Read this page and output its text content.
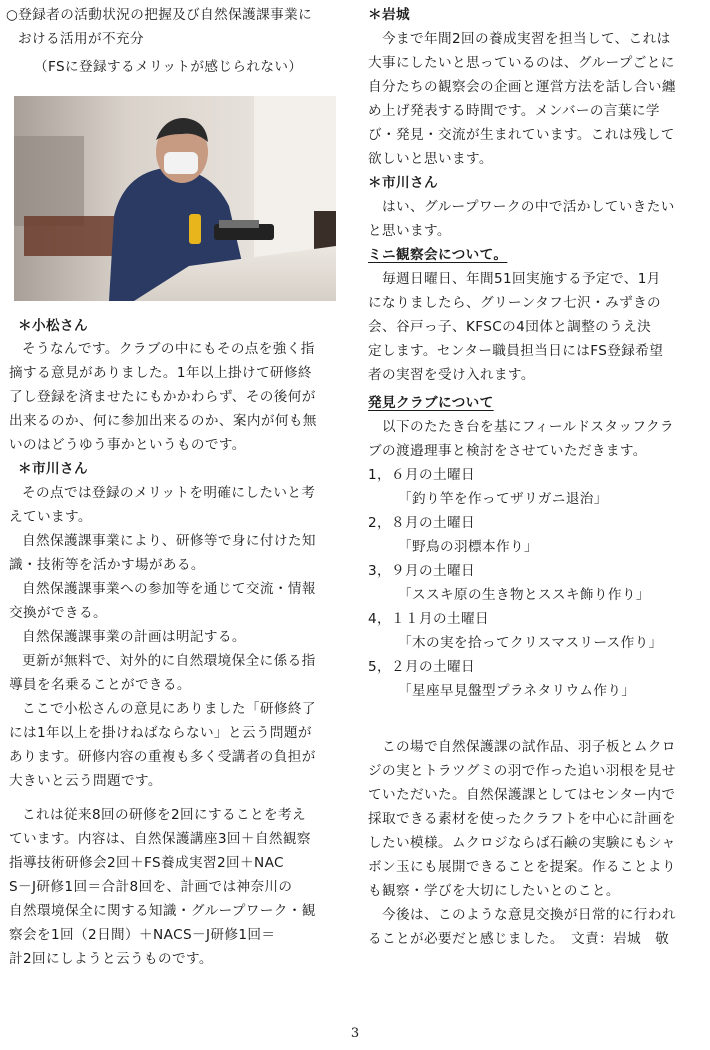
○登録者の活動状況の把握及び自然保護課事業に
おける活用が不充分
（FSに登録するメリットが感じられない）
＊小松さん
そうなんです。クラブの中にもその点を強く指
摘する意見がありました。1年以上掛けて研修終
了し登録を済ませたにもかかわらず、その後何が
出来るのか、何に参加出来るのか、案内が何も無
いのはどうゆう事かというものです。
＊市川さん
その点では登録のメリットを明確にしたいと考
えています。
自然保護課事業により、研修等で身に付けた知
識・技術等を活かす場がある。
自然保護課事業への参加等を通じて交流・情報
交換ができる。
自然保護課事業の計画は明記する。
更新が無料で、対外的に自然環境保全に係る指
導員を名乗ることができる。
ここで小松さんの意見にありました「研修終了
には1年以上を掛けねばならない」と云う問題が
あります。研修内容の重複も多く受講者の負担が
大きいと云う問題です。
これは従来8回の研修を2回にすることを考え
ています。内容は、自然保護講座3回＋自然観察
指導技術研修会2回＋FS養成実習2回＋NAC
S－J研修1回＝合計8回を、計画では神奈川の
自然環境保全に関する知識・グループワーク・観
察会を1回（2日間）＋NACS－J研修1回＝
計2回にしようと云うものです。
＊岩城
今まで年間2回の養成実習を担当して、これは
大事にしたいと思っているのは、グループごとに
自分たちの観察会の企画と運営方法を話し合い纏
め上げ発表する時間です。メンバーの言葉に学
び・発見・交流が生まれています。これは残して
欲しいと思います。
＊市川さん
はい、グループワークの中で活かしていきたい
と思います。
ミニ観察会について。
毎週日曜日、年間51回実施する予定で、1月
になりましたら、グリーンタフ七沢・みずきの
会、谷戸っ子、KFSCの4団体と調整のうえ決
定します。センター職員担当日にはFS登録希望
者の実習を受け入れます。
発見クラブについて
以下のたたき台を基にフィールドスタッフクラ
ブの渡邉理事と検討をさせていただきます。
1，６月の土曜日
「釣り竿を作ってザリガニ退治」
2，８月の土曜日
「野鳥の羽標本作り」
3，９月の土曜日
「ススキ原の生き物とススキ飾り作り」
4，１１月の土曜日
「木の実を拾ってクリスマスリース作り」
5，２月の土曜日
「星座早見盤型プラネタリウム作り」
この場で自然保護課の試作品、羽子板とムクロ
ジの実とトラツグミの羽で作った追い羽根を見せ
ていただいた。自然保護課としてはセンター内で
採取できる素材を使ったクラフトを中心に計画を
したい模様。ムクロジならば石鹸の実験にもシャ
ボン玉にも展開できることを提案。作ることより
も観察・学びを大切にしたいとのこと。
今後は、このような意見交換が日常的に行われ
ることが必要だと感じました。　文責：岩城　敬
3
